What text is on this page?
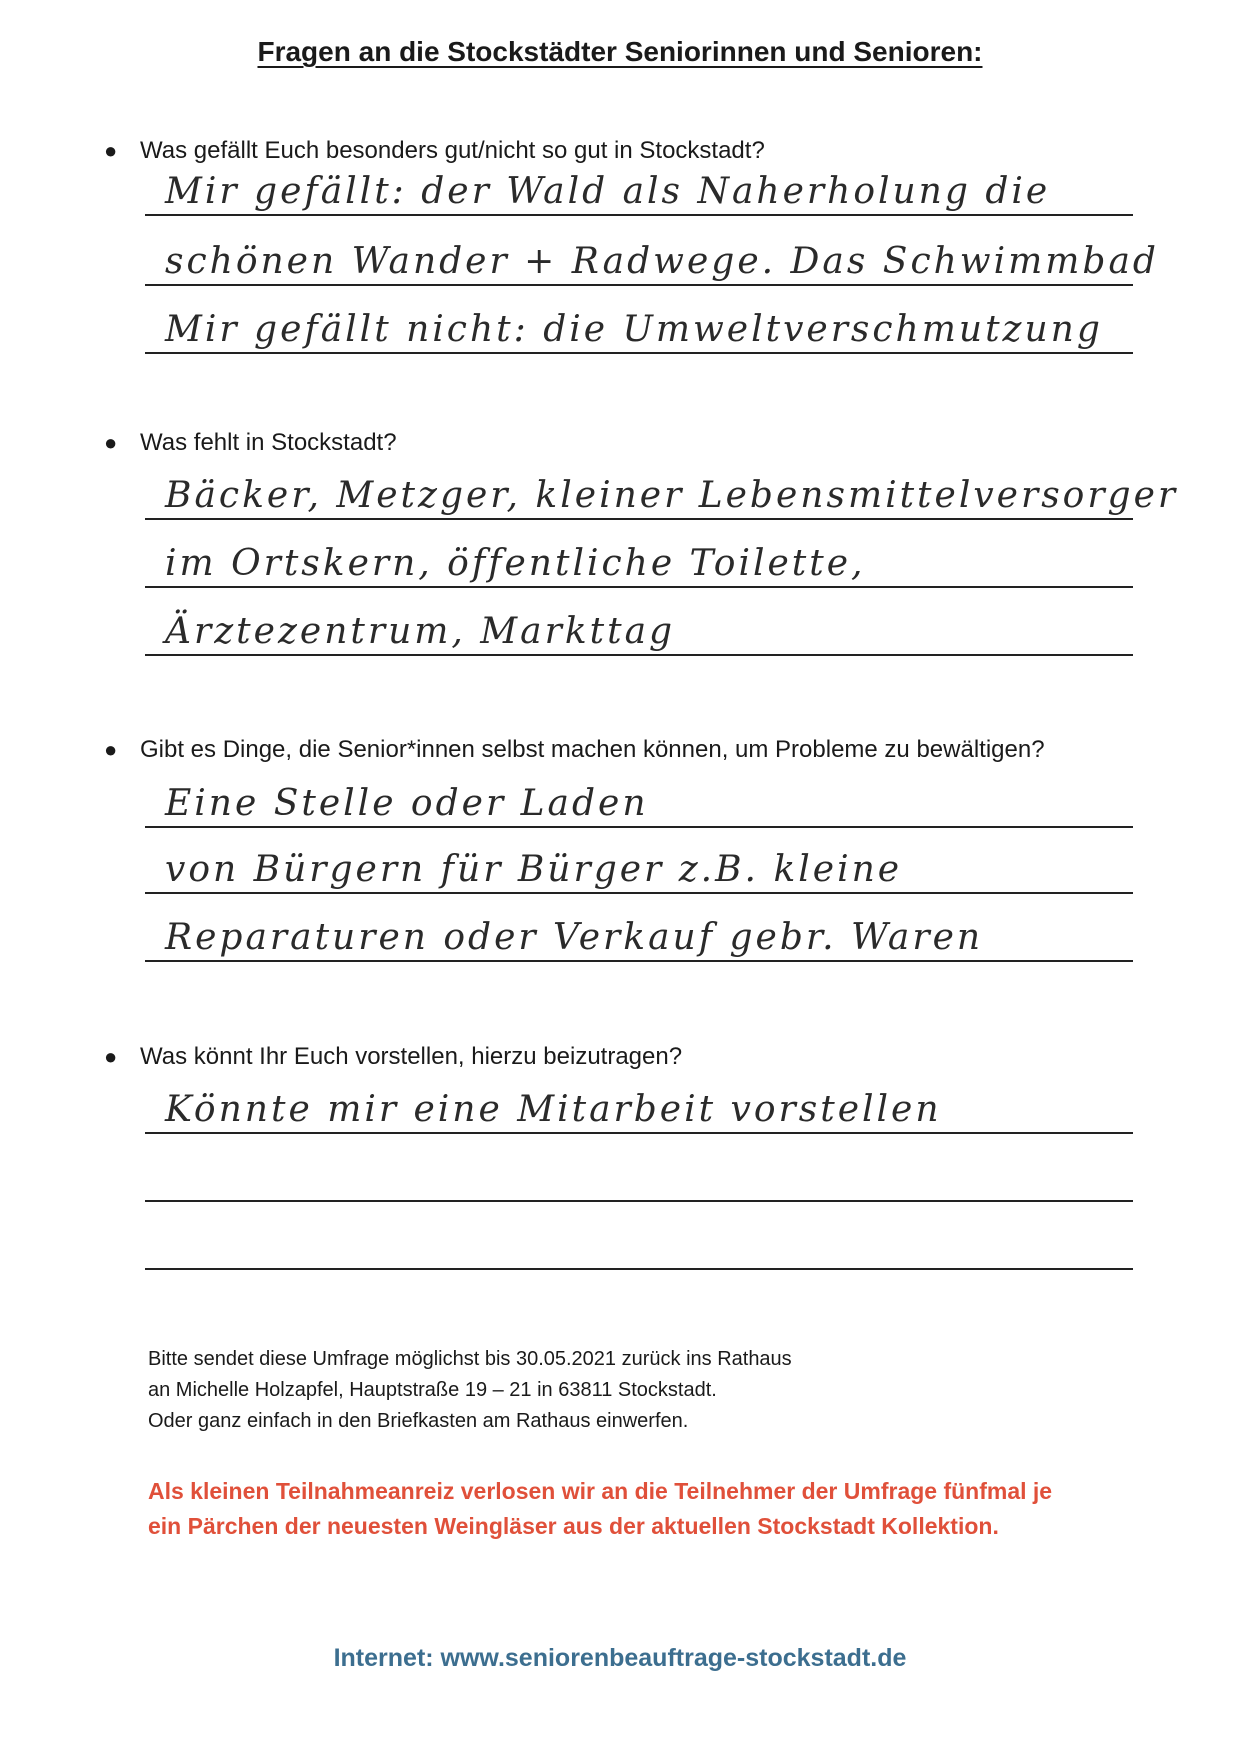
Fragen an die Stockstädter Seniorinnen und Senioren:
● Was gefällt Euch besonders gut/nicht so gut in Stockstadt?
Mir gefällt: der Wald als Naherholung die
schönen Wander + Radwege. Das Schwimmbad
Mir gefällt nicht: die Umweltverschmutzung
● Was fehlt in Stockstadt?
Bäcker, Metzger, kleiner Lebensmittelversorger
im Ortskern, öffentliche Toilette,
Ärztezentrum, Markttag
● Gibt es Dinge, die Senior*innen selbst machen können, um Probleme zu bewältigen?
Eine Stelle oder Laden
von Bürgern für Bürger z.B. kleine
Reparaturen oder Verkauf gebr. Waren
● Was könnt Ihr Euch vorstellen, hierzu beizutragen?
Könnte mir eine Mitarbeit vorstellen
Bitte sendet diese Umfrage möglichst bis 30.05.2021 zurück ins Rathaus
an Michelle Holzapfel, Hauptstraße 19 – 21 in 63811 Stockstadt.
Oder ganz einfach in den Briefkasten am Rathaus einwerfen.
Als kleinen Teilnahmeanreiz verlosen wir an die Teilnehmer der Umfrage fünfmal je
ein Pärchen der neuesten Weingläser aus der aktuellen Stockstadt Kollektion.
Internet: www.seniorenbeauftrage-stockstadt.de
